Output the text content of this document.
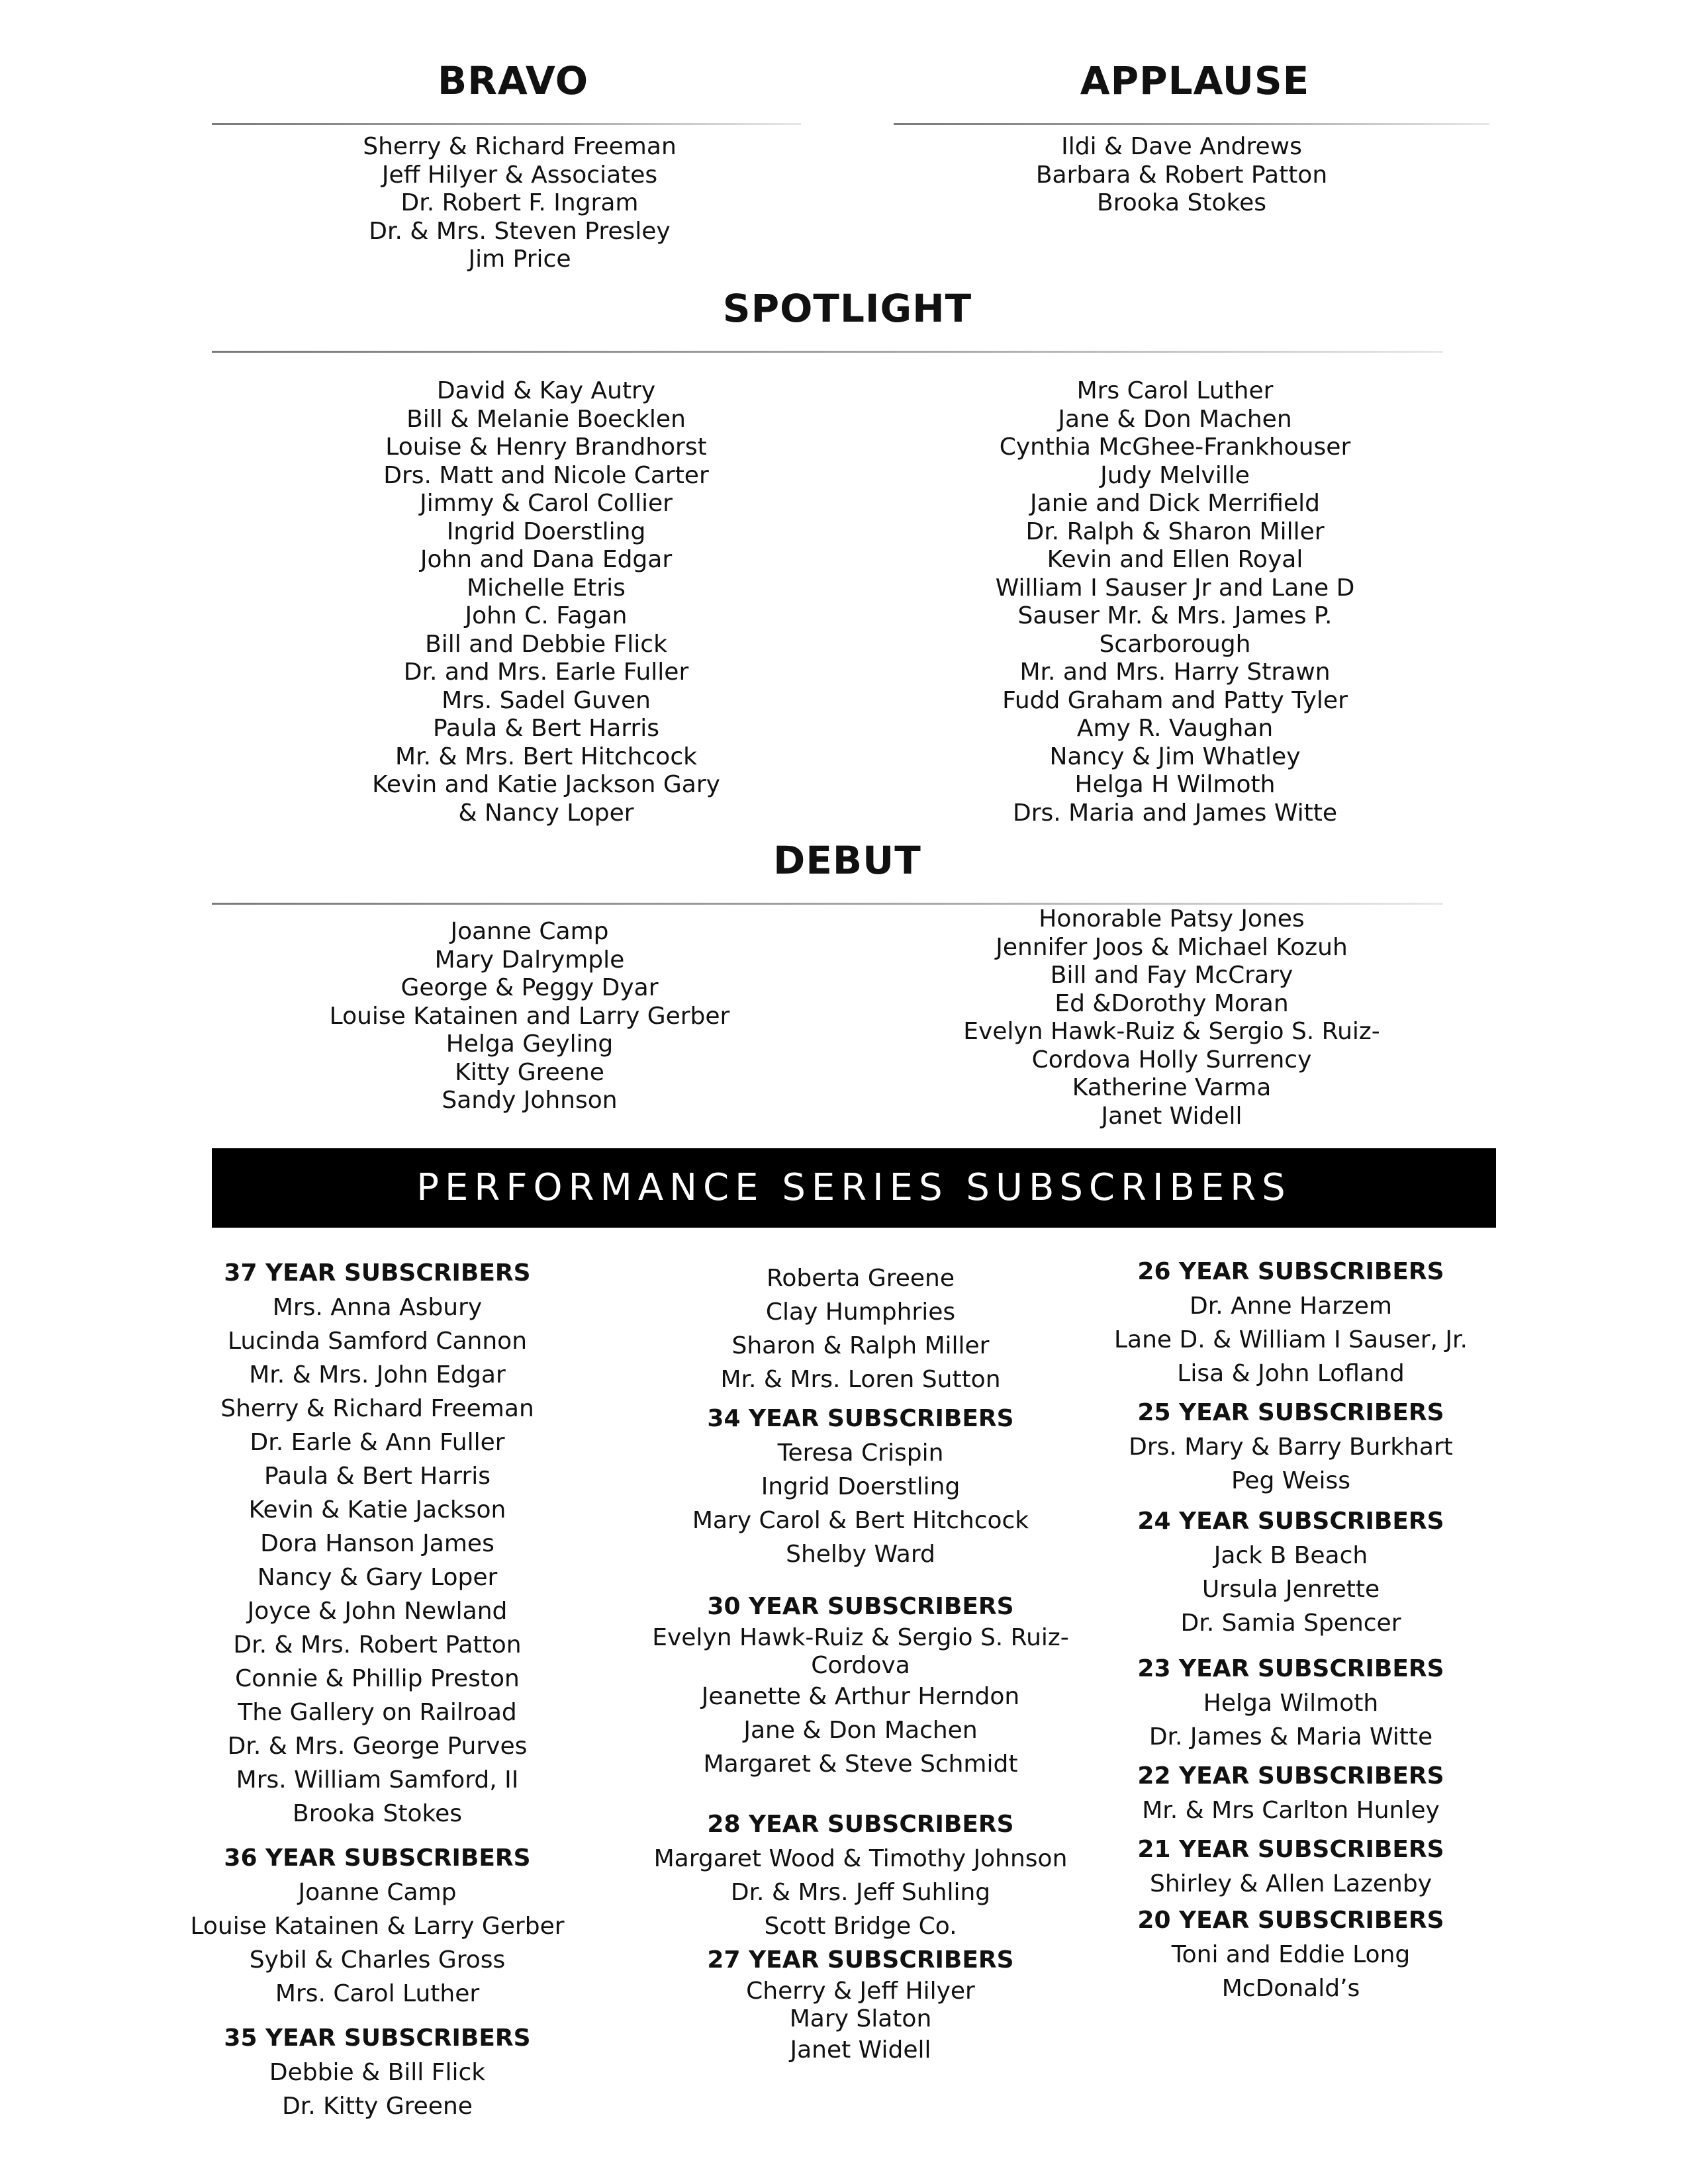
BRAVO
Sherry & Richard Freeman
Jeff Hilyer & Associates
Dr. Robert F. Ingram
Dr. & Mrs. Steven Presley
Jim Price
APPLAUSE
Ildi & Dave Andrews
Barbara & Robert Patton
Brooka Stokes
SPOTLIGHT
David & Kay Autry
Bill & Melanie Boecklen
Louise & Henry Brandhorst
Drs. Matt and Nicole Carter
Jimmy & Carol Collier
Ingrid Doerstling
John and Dana Edgar
Michelle Etris
John C. Fagan
Bill and Debbie Flick
Dr. and Mrs. Earle Fuller
Mrs. Sadel Guven
Paula & Bert Harris
Mr. & Mrs. Bert Hitchcock
Kevin and Katie Jackson Gary
& Nancy Loper
Mrs Carol Luther
Jane & Don Machen
Cynthia McGhee-Frankhouser
Judy Melville
Janie and Dick Merrifield
Dr. Ralph & Sharon Miller
Kevin and Ellen Royal
William I Sauser Jr and Lane D
Sauser Mr. & Mrs. James P.
Scarborough
Mr. and Mrs. Harry Strawn
Fudd Graham and Patty Tyler
Amy R. Vaughan
Nancy & Jim Whatley
Helga H Wilmoth
Drs. Maria and James Witte
DEBUT
Joanne Camp
Mary Dalrymple
George & Peggy Dyar
Louise Katainen and Larry Gerber
Helga Geyling
Kitty Greene
Sandy Johnson
Honorable Patsy Jones
Jennifer Joos & Michael Kozuh
Bill and Fay McCrary
Ed &Dorothy Moran
Evelyn Hawk-Ruiz & Sergio S. Ruiz-
Cordova Holly Surrency
Katherine Varma
Janet Widell
PERFORMANCE SERIES SUBSCRIBERS
37 YEAR SUBSCRIBERS
Mrs. Anna Asbury
Lucinda Samford Cannon
Mr. & Mrs. John Edgar
Sherry & Richard Freeman
Dr. Earle & Ann Fuller
Paula & Bert Harris
Kevin & Katie Jackson
Dora Hanson James
Nancy & Gary Loper
Joyce & John Newland
Dr. & Mrs. Robert Patton
Connie & Phillip Preston
The Gallery on Railroad
Dr. & Mrs. George Purves
Mrs. William Samford, II
Brooka Stokes
36 YEAR SUBSCRIBERS
Joanne Camp
Louise Katainen & Larry Gerber
Sybil & Charles Gross
Mrs. Carol Luther
35 YEAR SUBSCRIBERS
Debbie & Bill Flick
Dr. Kitty Greene
Roberta Greene
Clay Humphries
Sharon & Ralph Miller
Mr. & Mrs. Loren Sutton
34 YEAR SUBSCRIBERS
Teresa Crispin
Ingrid Doerstling
Mary Carol & Bert Hitchcock
Shelby Ward
30 YEAR SUBSCRIBERS
Evelyn Hawk-Ruiz & Sergio S. Ruiz-
Cordova
Jeanette & Arthur Herndon
Jane & Don Machen
Margaret & Steve Schmidt
28 YEAR SUBSCRIBERS
Margaret Wood & Timothy Johnson
Dr. & Mrs. Jeff Suhling
Scott Bridge Co.
27 YEAR SUBSCRIBERS
Cherry & Jeff Hilyer
Mary Slaton
Janet Widell
26 YEAR SUBSCRIBERS
Dr. Anne Harzem
Lane D. & William I Sauser, Jr.
Lisa & John Lofland
25 YEAR SUBSCRIBERS
Drs. Mary & Barry Burkhart
Peg Weiss
24 YEAR SUBSCRIBERS
Jack B Beach
Ursula Jenrette
Dr. Samia Spencer
23 YEAR SUBSCRIBERS
Helga Wilmoth
Dr. James & Maria Witte
22 YEAR SUBSCRIBERS
Mr. & Mrs Carlton Hunley
21 YEAR SUBSCRIBERS
Shirley & Allen Lazenby
20 YEAR SUBSCRIBERS
Toni and Eddie Long
McDonald’s
